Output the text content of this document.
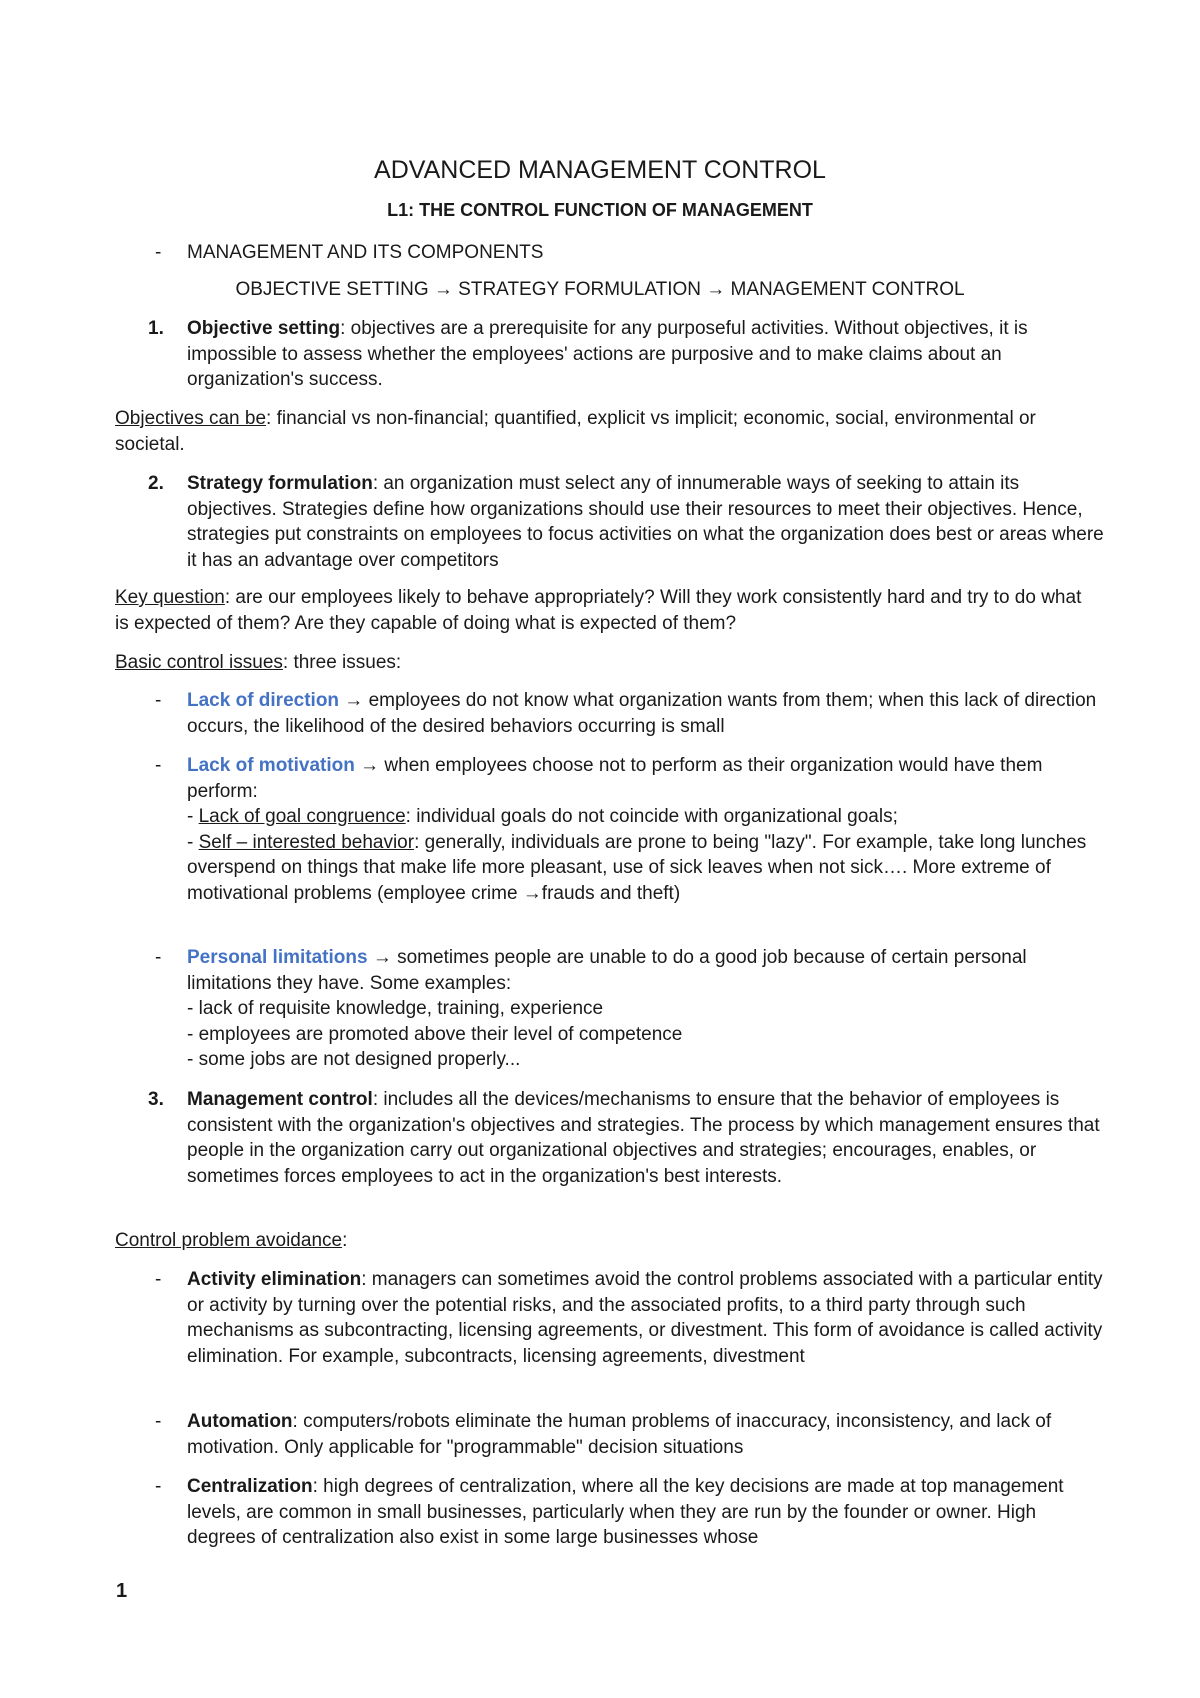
ADVANCED MANAGEMENT CONTROL
L1: THE CONTROL FUNCTION OF MANAGEMENT
- MANAGEMENT AND ITS COMPONENTS
OBJECTIVE SETTING → STRATEGY FORMULATION → MANAGEMENT CONTROL
1. Objective setting: objectives are a prerequisite for any purposeful activities. Without objectives, it is impossible to assess whether the employees' actions are purposive and to make claims about an organization's success.
Objectives can be: financial vs non-financial; quantified, explicit vs implicit; economic, social, environmental or societal.
2. Strategy formulation: an organization must select any of innumerable ways of seeking to attain its objectives. Strategies define how organizations should use their resources to meet their objectives. Hence, strategies put constraints on employees to focus activities on what the organization does best or areas where it has an advantage over competitors
Key question: are our employees likely to behave appropriately? Will they work consistently hard and try to do what is expected of them? Are they capable of doing what is expected of them?
Basic control issues: three issues:
- Lack of direction → employees do not know what organization wants from them; when this lack of direction occurs, the likelihood of the desired behaviors occurring is small
- Lack of motivation → when employees choose not to perform as their organization would have them perform:
- Lack of goal congruence: individual goals do not coincide with organizational goals;
- Self – interested behavior: generally, individuals are prone to being "lazy". For example, take long lunches overspend on things that make life more pleasant, use of sick leaves when not sick…. More extreme of motivational problems (employee crime →frauds and theft)
- Personal limitations → sometimes people are unable to do a good job because of certain personal limitations they have. Some examples:
- lack of requisite knowledge, training, experience
- employees are promoted above their level of competence
- some jobs are not designed properly...
3. Management control: includes all the devices/mechanisms to ensure that the behavior of employees is consistent with the organization's objectives and strategies. The process by which management ensures that people in the organization carry out organizational objectives and strategies; encourages, enables, or sometimes forces employees to act in the organization's best interests.
Control problem avoidance:
- Activity elimination: managers can sometimes avoid the control problems associated with a particular entity or activity by turning over the potential risks, and the associated profits, to a third party through such mechanisms as subcontracting, licensing agreements, or divestment. This form of avoidance is called activity elimination. For example, subcontracts, licensing agreements, divestment
- Automation: computers/robots eliminate the human problems of inaccuracy, inconsistency, and lack of motivation. Only applicable for "programmable" decision situations
- Centralization: high degrees of centralization, where all the key decisions are made at top management levels, are common in small businesses, particularly when they are run by the founder or owner. High degrees of centralization also exist in some large businesses whose
1
